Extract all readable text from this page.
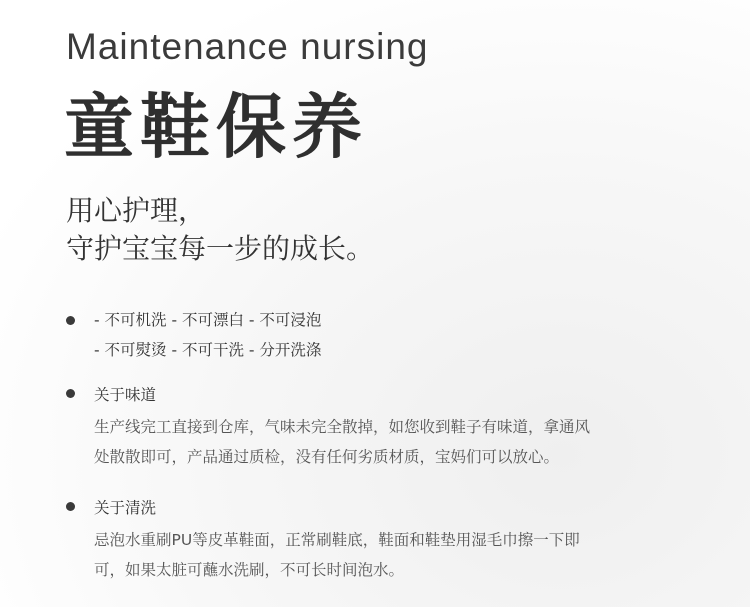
Maintenance nursing
童鞋保养
用心护理，
守护宝宝每一步的成长。
- 不可机洗 - 不可漂白 - 不可浸泡
- 不可熨烫 - 不可干洗 - 分开洗涤
关于味道
生产线完工直接到仓库，气味未完全散掉，如您收到鞋子有味道，拿通风
处散散即可，产品通过质检，没有任何劣质材质，宝妈们可以放心。
关于清洗
忌泡水重刷PU等皮革鞋面，正常刷鞋底，鞋面和鞋垫用湿毛巾擦一下即
可，如果太脏可蘸水洗刷，不可长时间泡水。
